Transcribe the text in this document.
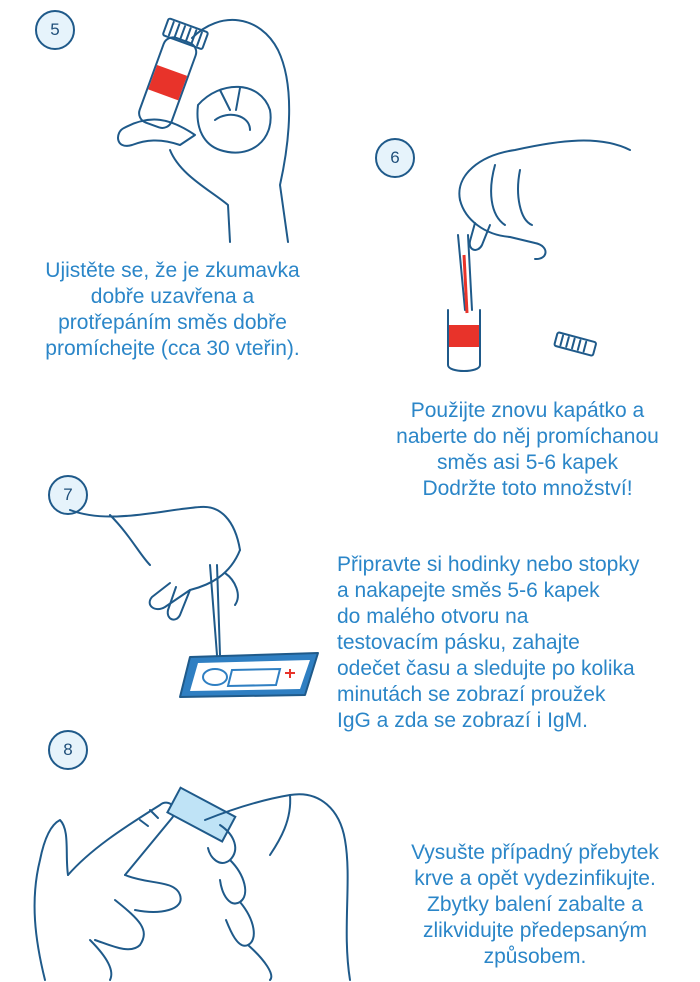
5
Ujistěte se, že je zkumavka
dobře uzavřena a
protřepáním směs dobře
promíchejte (cca 30 vteřin).
6
Použijte znovu kapátko a
naberte do něj promíchanou
směs asi 5-6 kapek
Dodržte toto množství!
7
Připravte si hodinky nebo stopky
a nakapejte směs 5-6 kapek
do malého otvoru na
testovacím pásku, zahajte
odečet času a sledujte po kolika
minutách se zobrazí proužek
IgG a zda se zobrazí i IgM.
8
Vysušte případný přebytek
krve a opět vydezinfikujte.
Zbytky balení zabalte a
zlikvidujte předepsaným
způsobem.
